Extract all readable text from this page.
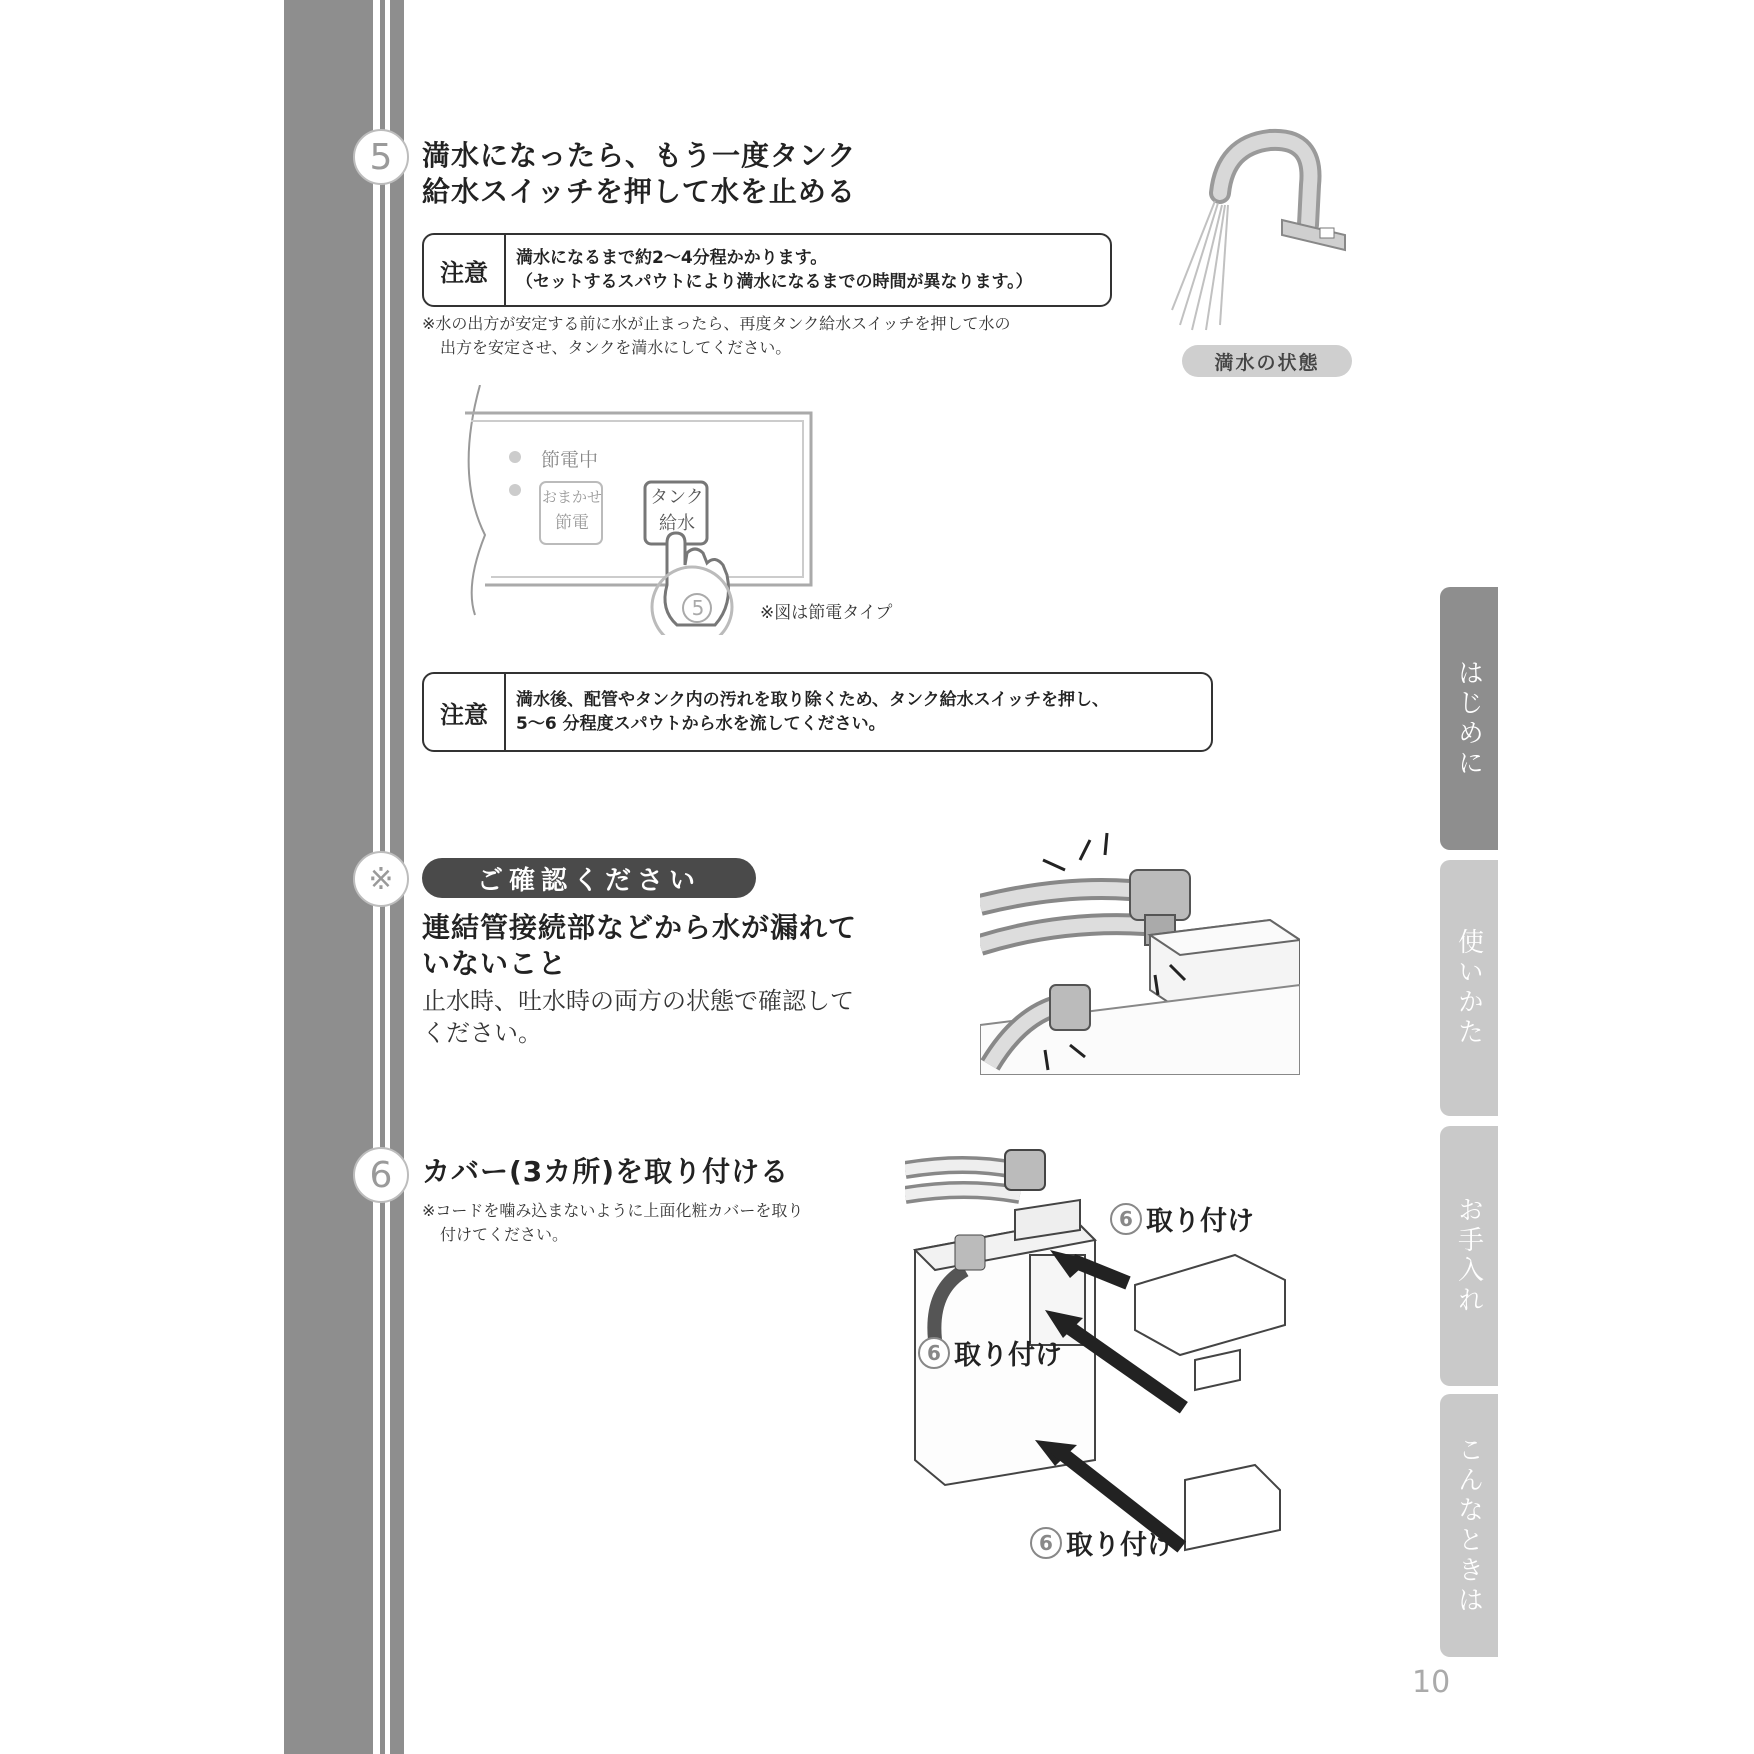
5	満水になったら、もう一度タンク
給水スイッチを押して水を止める
注意
満水になるまで約2～4分程かかります。
（セットするスパウトにより満水になるまでの時間が異なります。）
※水の出方が安定する前に水が止まったら、再度タンク給水スイッチを押して水の
出方を安定させ、タンクを満水にしてください。
満水の状態
節電中
おまかせ
節電
タンク
給水
5	※図は節電タイプ
注意
満水後、配管やタンク内の汚れを取り除くため、タンク給水スイッチを押し、
5～6 分程度スパウトから水を流してください。
※	ご確認ください
連結管接続部などから水が漏れて
いないこと
止水時、吐水時の両方の状態で確認して
ください。
6	カバー(3カ所)を取り付ける
※コードを噛み込まないように上面化粧カバーを取り
付けてください。
6 取り付け
6 取り付け
6 取り付け
はじめに
使いかた
お手入れ
こんなときは
10
